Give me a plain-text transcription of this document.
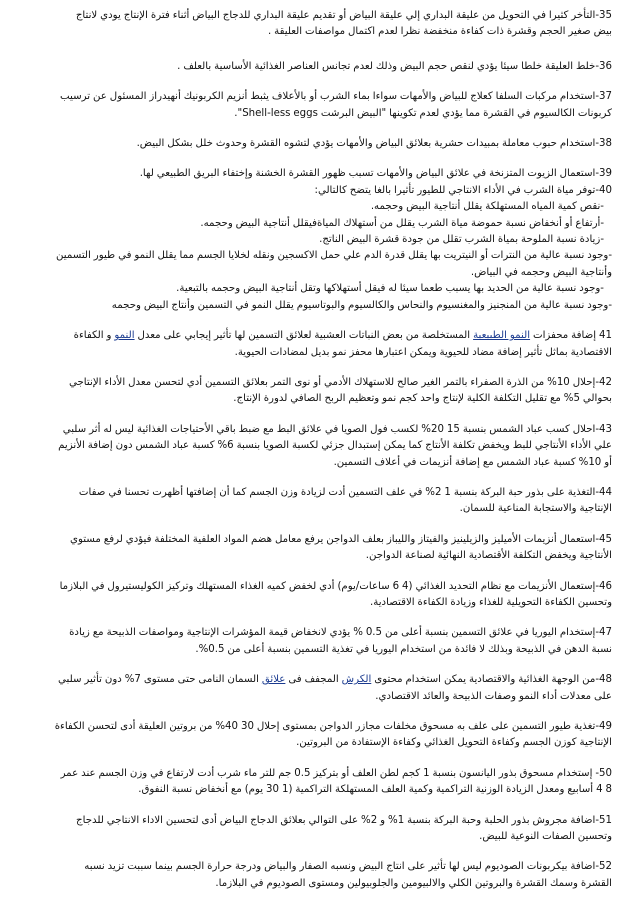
35-التأخر كثيرا في التحويل من عليقة البداري إلي عليقة البياض أو تقديم عليقة البداري للدجاج البياض أثناء فترة الإنتاج يودي لانتاج

بيض صغير الحجم وقشرة ذات كفاءة منخفضة نظرا لعدم اكتمال مواصفات العليقة .

36-خلط العليقة خلطا سيئا يؤدي لنقص حجم البيض وذلك لعدم تجانس العناصر الغذائية الأساسية بالعلف .

37-استخدام مركبات السلفا كعلاج للبياض والأمهات سواءا بماء الشرب أو بالأعلاف يثبط أنزيم الكربونيك أنهيدراز المسئول عن ترسيب

كربونات الكالسيوم في القشرة مما يؤدي لعدم تكوينها "البيض البرشت Shell-less eggs".

38-استخدام حبوب معاملة بمبيدات حشرية بعلائق البياض والأمهات يؤدي لتشوه القشرة وحدوث خلل بشكل البيض.

39-استعمال الزيوت المتزنخة في علائق البياض والأمهات تسبب ظهور القشرة الخشنة وإختفاء البريق الطبيعي لها.

40-توفر مياة الشرب في الأداء الانتاجي للطيور تأثيرا بالغا يتضح كالتالي:

-نقص كمية المياه المستهلكة يقلل أنتاجية البيض وحجمه.

-أرتفاع أو أنخفاض نسبة حموضة مياة الشرب يقلل من أستهلاك المياةفيقلل أنتاجية البيض وحجمه.

-زيادة نسبة الملوحة بمياة الشرب تقلل من جودة قشرة البيض الناتج.

-وجود نسبة عالية من النترات أو النيتريت بها يقلل قدرة الدم علي حمل الاكسجين ونقله لخلايا الجسم مما يقلل النمو في طيور التسمين

وأنتاجية البيض وحجمه في البياض.

-وجود نسبة عالية من الحديد بها يسبب طعما سيئا له فيقل أستهلاكها وتقل أنتاجية البيض وحجمه بالتبعية.

-وجود نسبة عالية من المنجنيز والمغنسيوم والنحاس والكالسيوم والبوتاسيوم يقلل النمو في التسمين وأنتاج البيض وحجمه

41 إضافة محفزات النمو الطبيعية المستخلصة من بعض النباتات العشبية لعلائق التسمين لها تأثير إيجابي على معدل النمو و الكفاءة

الاقتصادية بماثل تأثير إضافة مضاد للحيوية ويمكن اعتبارها محفز نمو بديل لمضادات الحيوية.

42-إحلال 10% من الذرة الصفراء بالتمر الغير صالح للاستهلاك الأدمي أو نوى التمر بعلائق التسمين أدي لتحسن معدل الأداء الإنتاجي

بحوالي 5% مع تقليل التكلفة الكلية لإنتاج واحد كجم نمو وتعظيم الربح الصافي لدورة الإنتاج.

43-احلال كسب عباد الشمس بنسبة 15 20% لكسب فول الصويا في علائق البط مع ضبط باقي الأحتياجات الغذائية ليس له أثر سلبي

علي الأداء الأنتاجي للبط ويخفض تكلفة الأنتاج كما يمكن إستبدال جزئي لكسبة الصويا بنسبة 6% كسبة عباد الشمس دون إضافة الأنزيم

أو 10% كسبة عباد الشمس مع إضافة أنزيمات في أعلاف التسمين.

44-التغذية على بذور حبة البركة بنسبة 1 2% في علف التسمين أدت لزيادة وزن الجسم كما أن إضافتها أظهرت تحسنا في صفات

الإنتاجية والاستجابة المناعية للسمان.

45-استعمال أنزيمات الأميليز والزيلينيز والفيتاز والليباز بعلف الدواجن يرفع معامل هضم المواد العلفية المختلفة فيؤدي لرفع مستوي

الأنتاجية ويخفض التكلفة الأقتصادية النهائية لصناعة الدواجن.

46-إستعمال الأنزيمات مع نظام التحديد الغذائي (4 6 ساعات/يوم) أدي لخفض كميه الغذاء المستهلك وتركيز الكوليستيرول في البلازما

وتحسين الكفاءة التحويلية للغذاء وزيادة الكفاءة الاقتصادية.

47-إستخدام اليوريا في علائق التسمين بنسبة أعلى من 0.5 % يؤدي لانخفاض قيمة المؤشرات الإنتاجية ومواصفات الذبيحة مع زيادة

نسبة الدهن في الذبيحة وبذلك لا فائدة من استخدام اليوريا في تغذية التسمين بنسبة أعلى من 0.5%.

48-من الوجهة الغذائية والاقتصادية يمكن استخدام محتوى الكرش المجفف فى علائق السمان النامى حتى مستوى 7% دون تأثير سلبي

على معدلات أداء النمو وصفات الذبيحة والعائد الاقتصادي.

49-تغذية طيور التسمين على علف به مسحوق مخلفات مجازر الدواجن بمستوى إحلال 30 40% من بروتين العليقة أدى لتحسن الكفاءة

الإنتاجية كوزن الجسم وكفاءة التحويل الغذائي وكفاءة الإستفادة من البروتين.

50- إستخدام مسحوق بذور اليانسون بنسبة 1 كجم لطن العلف أو بتركيز 0.5 جم للتر ماء شرب أدت لارتفاع في وزن الجسم عند عمر

8 4 أسابيع ومعدل الزيادة الوزنية التراكمية وكمية العلف المستهلكة التراكمية (1 30 يوم) مع أنخفاض نسبة النفوق.

51-اضافة مجروش بذور الحلبة وحبة البركة بنسبة 1% و 2% على التوالي بعلائق الدجاج البياض أدى لتحسين الاداء الانتاجي للدجاج

وتحسين الصفات النوعية للبيض.

52-اضافة بيكربونات الصوديوم ليس لها تأثير على انتاج البيض ونسبه الصفار والبياض ودرجة حرارة الجسم بينما سببت تزيد نسبه

القشرة وسمك القشرة والبروتين الكلي والالبيومين والجلوبيولين ومستوى الصوديوم في البلازما.
